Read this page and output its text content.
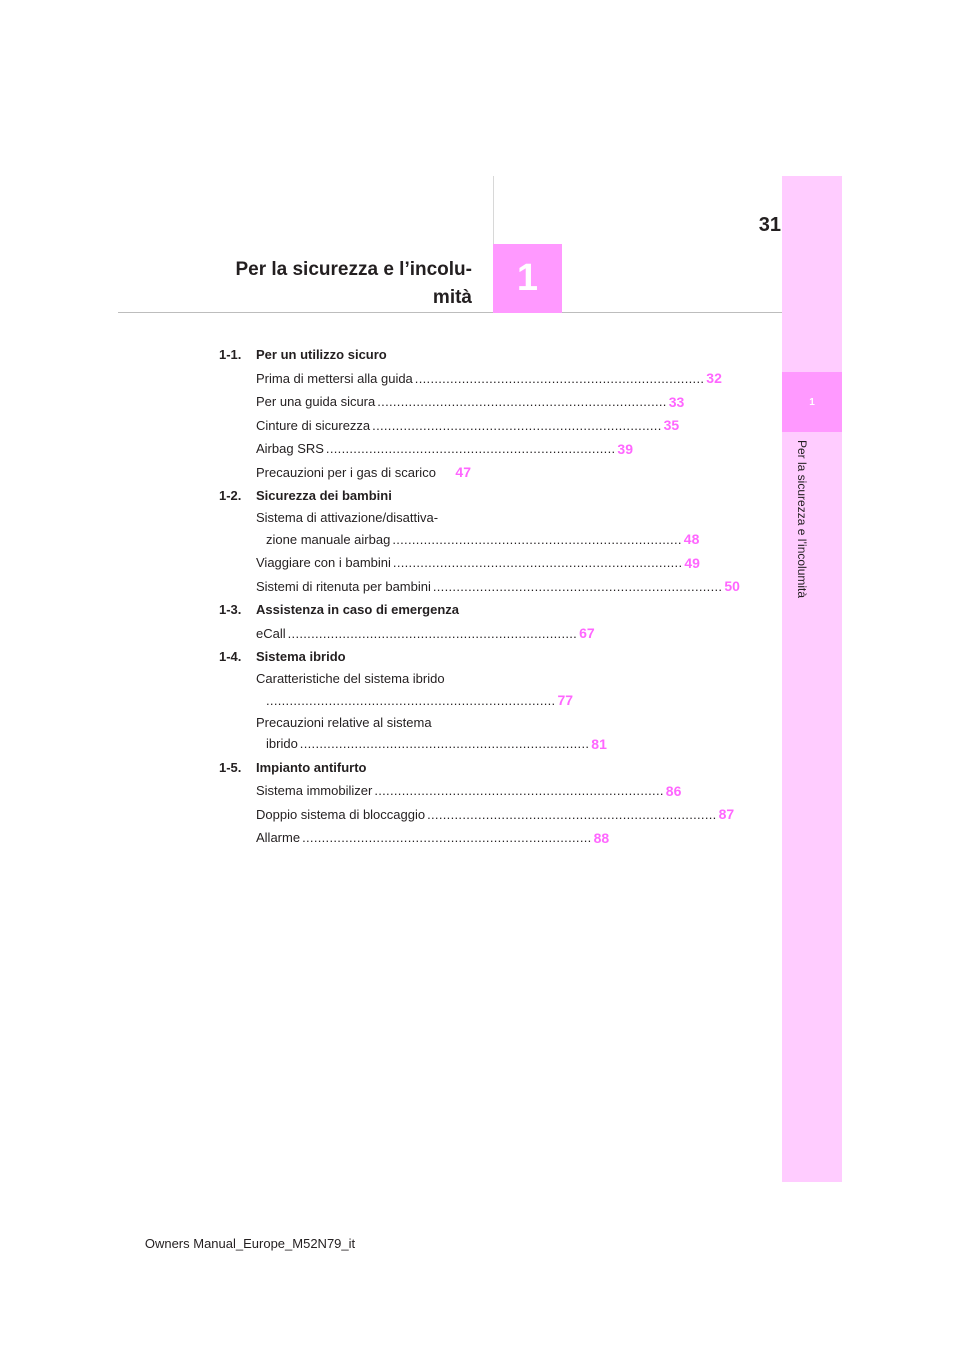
31
Per la sicurezza e l’incolu-
mità	1
1
Per la sicurezza e l’incolumità
1-1.	Per un utilizzo sicuro
Prima di mettersi alla guida .......................................................................... 32
Per una guida sicura .......................................................................... 33
Cinture di sicurezza .......................................................................... 35
Airbag SRS .......................................................................... 39
Precauzioni per i gas di scarico 47
1-2.	Sicurezza dei bambini
Sistema di attivazione/disattiva-
zione manuale airbag .......................................................................... 48
Viaggiare con i bambini .......................................................................... 49
Sistemi di ritenuta per bambini .......................................................................... 50
1-3.	Assistenza in caso di emergenza
eCall .......................................................................... 67
1-4.	Sistema ibrido
Caratteristiche del sistema ibrido
.......................................................................... 77
Precauzioni relative al sistema
ibrido .......................................................................... 81
1-5.	Impianto antifurto
Sistema immobilizer .......................................................................... 86
Doppio sistema di bloccaggio .......................................................................... 87
Allarme .......................................................................... 88
Owners Manual_Europe_M52N79_it
